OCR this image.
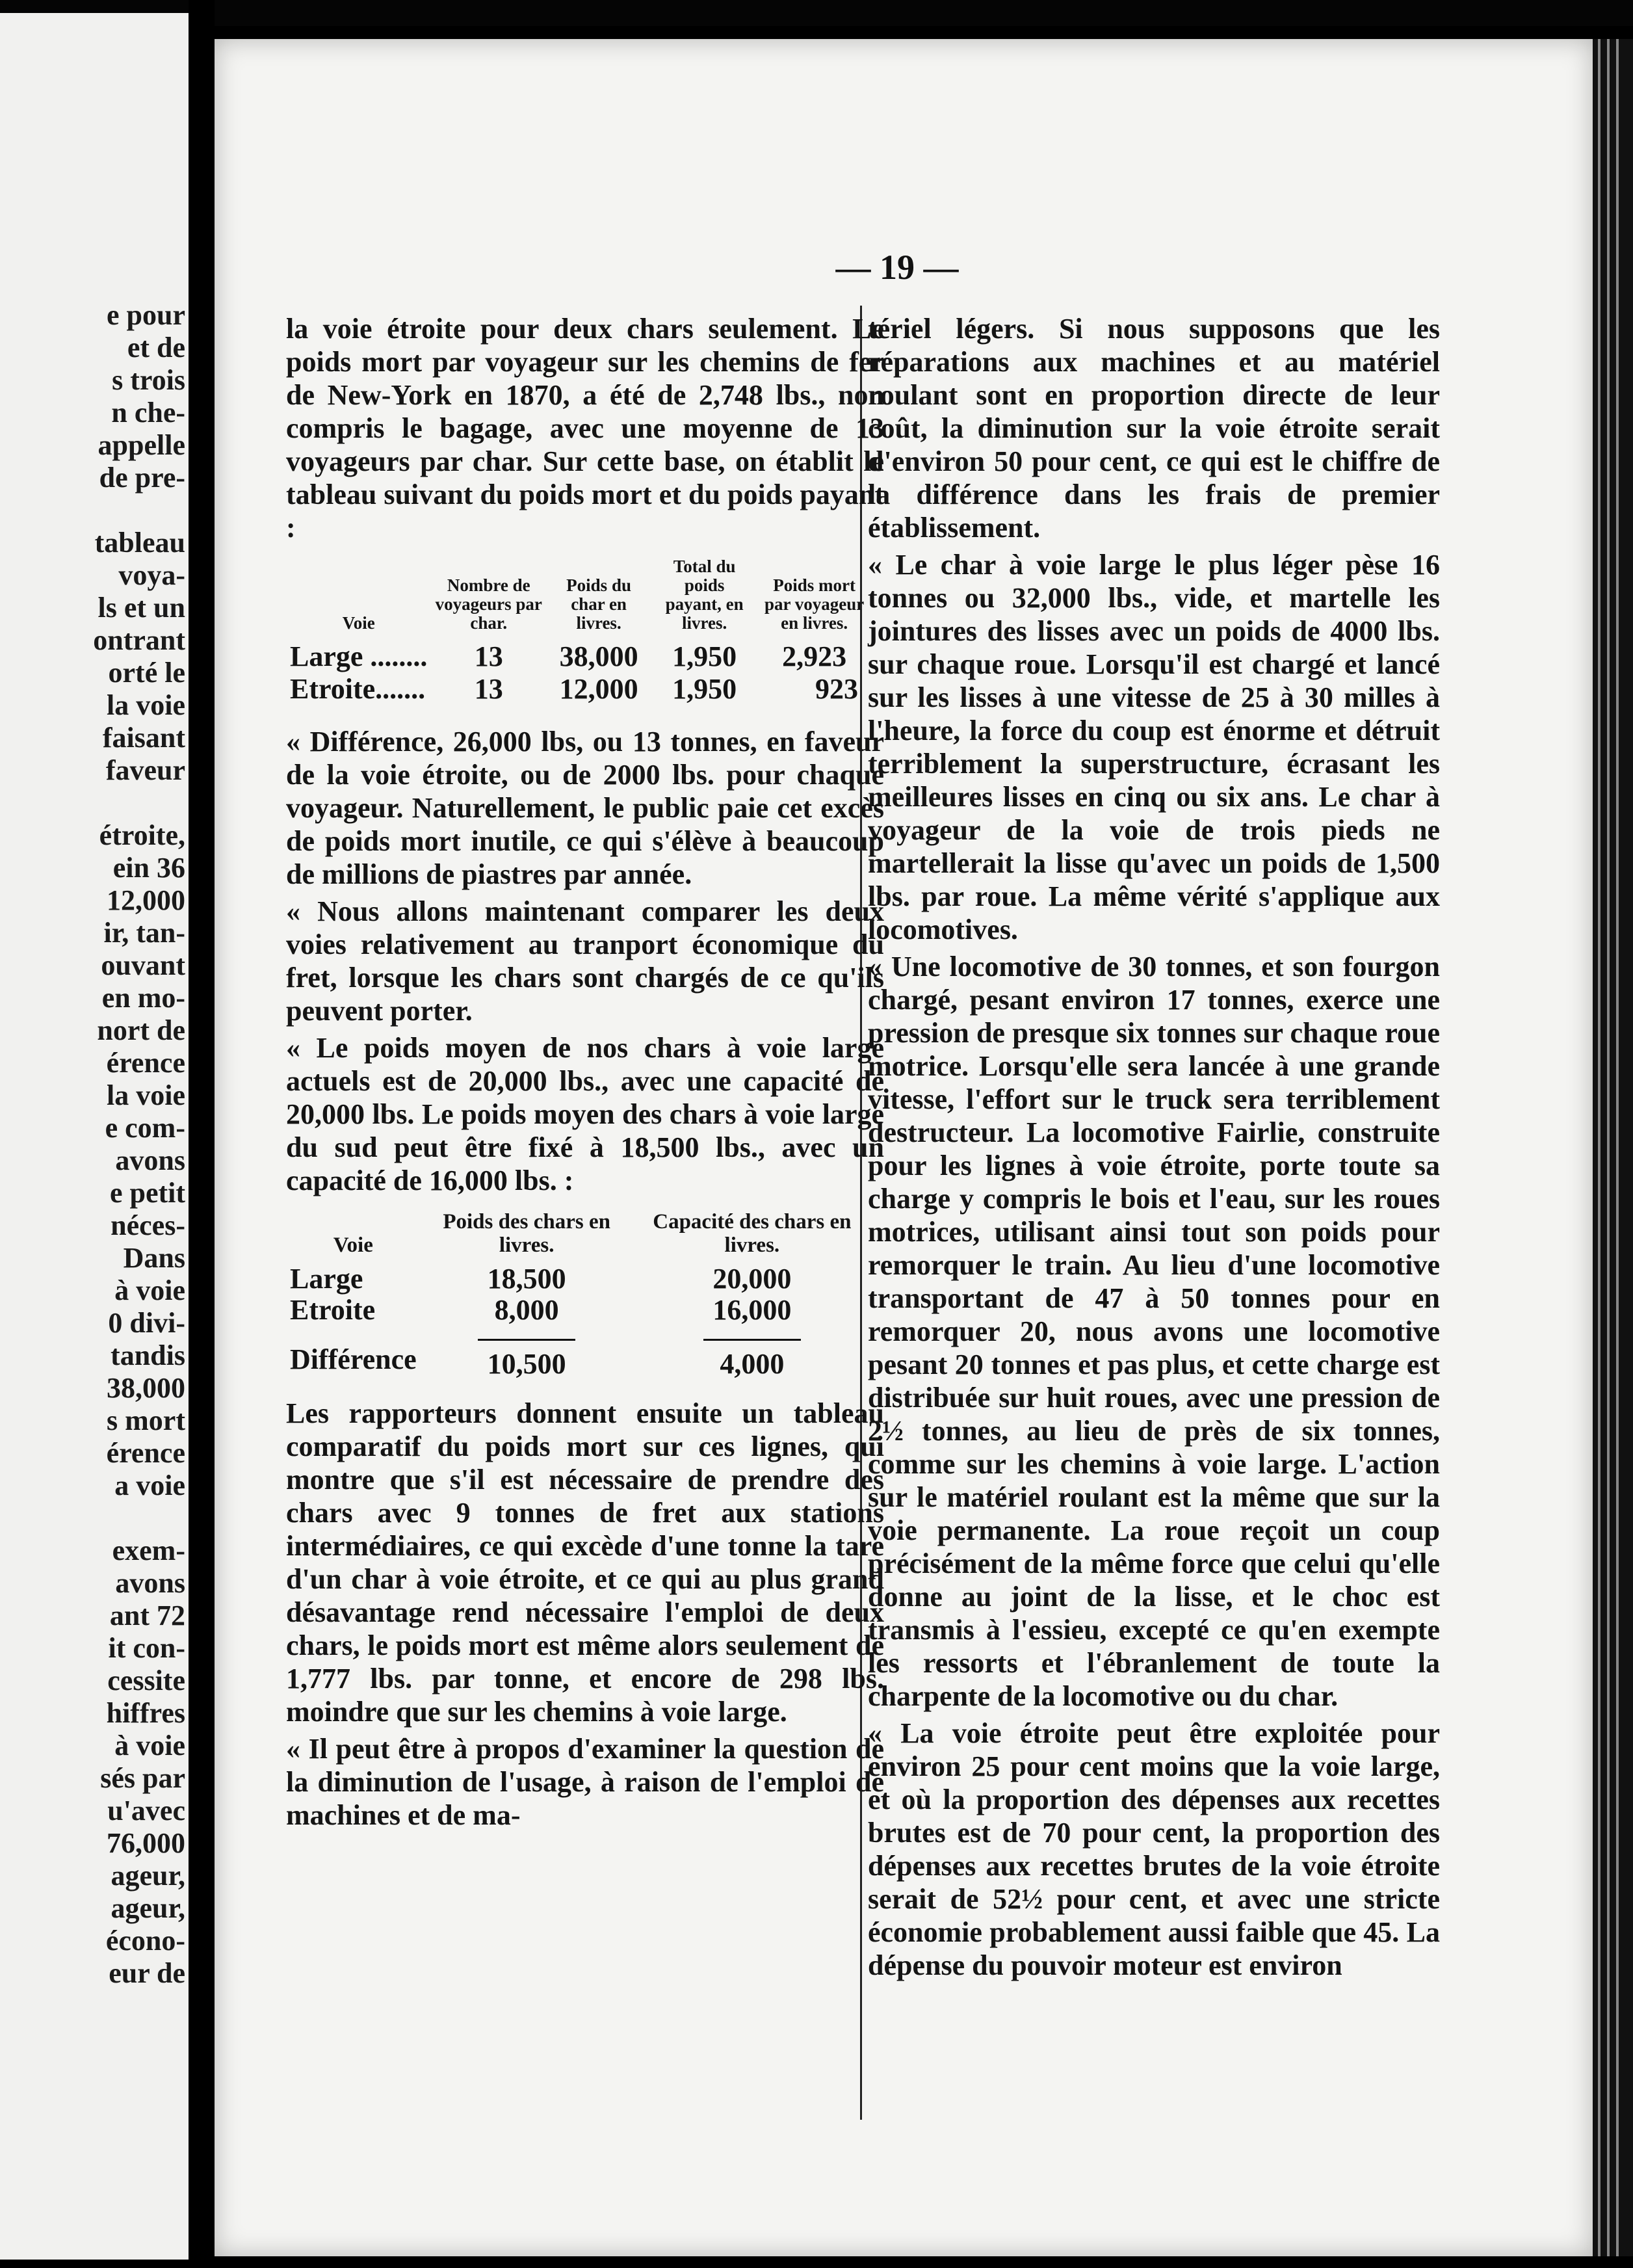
e pour
et de
s trois
n che-
appelle
de pre-

tableau
voya-
ls et un
ontrant
orté le
la voie
faisant
faveur

étroite,
ein 36
12,000
ir, tan-
ouvant
en mo-
nort de
érence
la voie
e com-
avons
e petit
néces-
Dans
à voie
0 divi-
tandis
38,000
s mort
érence
a voie

exem-
avons
ant 72
it con-
cessite
hiffres
à voie
sés par
u'avec
76,000
ageur,
ageur,
écono-
eur de
— 19 —

la voie étroite pour deux chars seulement. Le poids mort par voyageur sur les chemins de fer de New-York en 1870, a été de 2,748 lbs., non compris le bagage, avec une moyenne de 13 voyageurs par char. Sur cette base, on établit le tableau suivant du poids mort et du poids payant :

Voie	Nombre de voyageurs par char.	Poids du char en livres.	Total du poids payant, en livres.	Poids mort par voyageur en livres.
Large ........	13	38,000	1,950	2,923
Etroite.......	13	12,000	1,950	923

« Différence, 26,000 lbs, ou 13 tonnes, en faveur de la voie étroite, ou de 2000 lbs. pour chaque voyageur. Naturellement, le public paie cet excès de poids mort inutile, ce qui s'élève à beaucoup de millions de piastres par année.

« Nous allons maintenant comparer les deux voies relativement au tranport économique du fret, lorsque les chars sont chargés de ce qu'ils peuvent porter.

« Le poids moyen de nos chars à voie large actuels est de 20,000 lbs., avec une capacité de 20,000 lbs. Le poids moyen des chars à voie large du sud peut être fixé à 18,500 lbs., avec un capacité de 16,000 lbs. :

Voie	Poids des chars en livres.	Capacité des chars en livres.
Large	18,500	20,000
Etroite	8,000	16,000
Différence	10,500	4,000

Les rapporteurs donnent ensuite un tableau comparatif du poids mort sur ces lignes, qui montre que s'il est nécessaire de prendre des chars avec 9 tonnes de fret aux stations intermédiaires, ce qui excède d'une tonne la tare d'un char à voie étroite, et ce qui au plus grand désavantage rend nécessaire l'emploi de deux chars, le poids mort est même alors seulement de 1,777 lbs. par tonne, et encore de 298 lbs. moindre que sur les chemins à voie large.

« Il peut être à propos d'examiner la question de la diminution de l'usage, à raison de l'emploi de machines et de ma-

tériel légers. Si nous supposons que les réparations aux machines et au matériel roulant sont en proportion directe de leur coût, la diminution sur la voie étroite serait d'environ 50 pour cent, ce qui est le chiffre de la différence dans les frais de premier établissement.

« Le char à voie large le plus léger pèse 16 tonnes ou 32,000 lbs., vide, et martelle les jointures des lisses avec un poids de 4000 lbs. sur chaque roue. Lorsqu'il est chargé et lancé sur les lisses à une vitesse de 25 à 30 milles à l'heure, la force du coup est énorme et détruit terriblement la superstructure, écrasant les meilleures lisses en cinq ou six ans. Le char à voyageur de la voie de trois pieds ne martellerait la lisse qu'avec un poids de 1,500 lbs. par roue. La même vérité s'applique aux locomotives.

« Une locomotive de 30 tonnes, et son fourgon chargé, pesant environ 17 tonnes, exerce une pression de presque six tonnes sur chaque roue motrice. Lorsqu'elle sera lancée à une grande vitesse, l'effort sur le truck sera terriblement destructeur. La locomotive Fairlie, construite pour les lignes à voie étroite, porte toute sa charge y compris le bois et l'eau, sur les roues motrices, utilisant ainsi tout son poids pour remorquer le train. Au lieu d'une locomotive transportant de 47 à 50 tonnes pour en remorquer 20, nous avons une locomotive pesant 20 tonnes et pas plus, et cette charge est distribuée sur huit roues, avec une pression de 2½ tonnes, au lieu de près de six tonnes, comme sur les chemins à voie large. L'action sur le matériel roulant est la même que sur la voie permanente. La roue reçoit un coup précisément de la même force que celui qu'elle donne au joint de la lisse, et le choc est transmis à l'essieu, excepté ce qu'en exempte les ressorts et l'ébranlement de toute la charpente de la locomotive ou du char.

« La voie étroite peut être exploitée pour environ 25 pour cent moins que la voie large, et où la proportion des dépenses aux recettes brutes est de 70 pour cent, la proportion des dépenses aux recettes brutes de la voie étroite serait de 52½ pour cent, et avec une stricte économie probablement aussi faible que 45. La dépense du pouvoir moteur est environ
